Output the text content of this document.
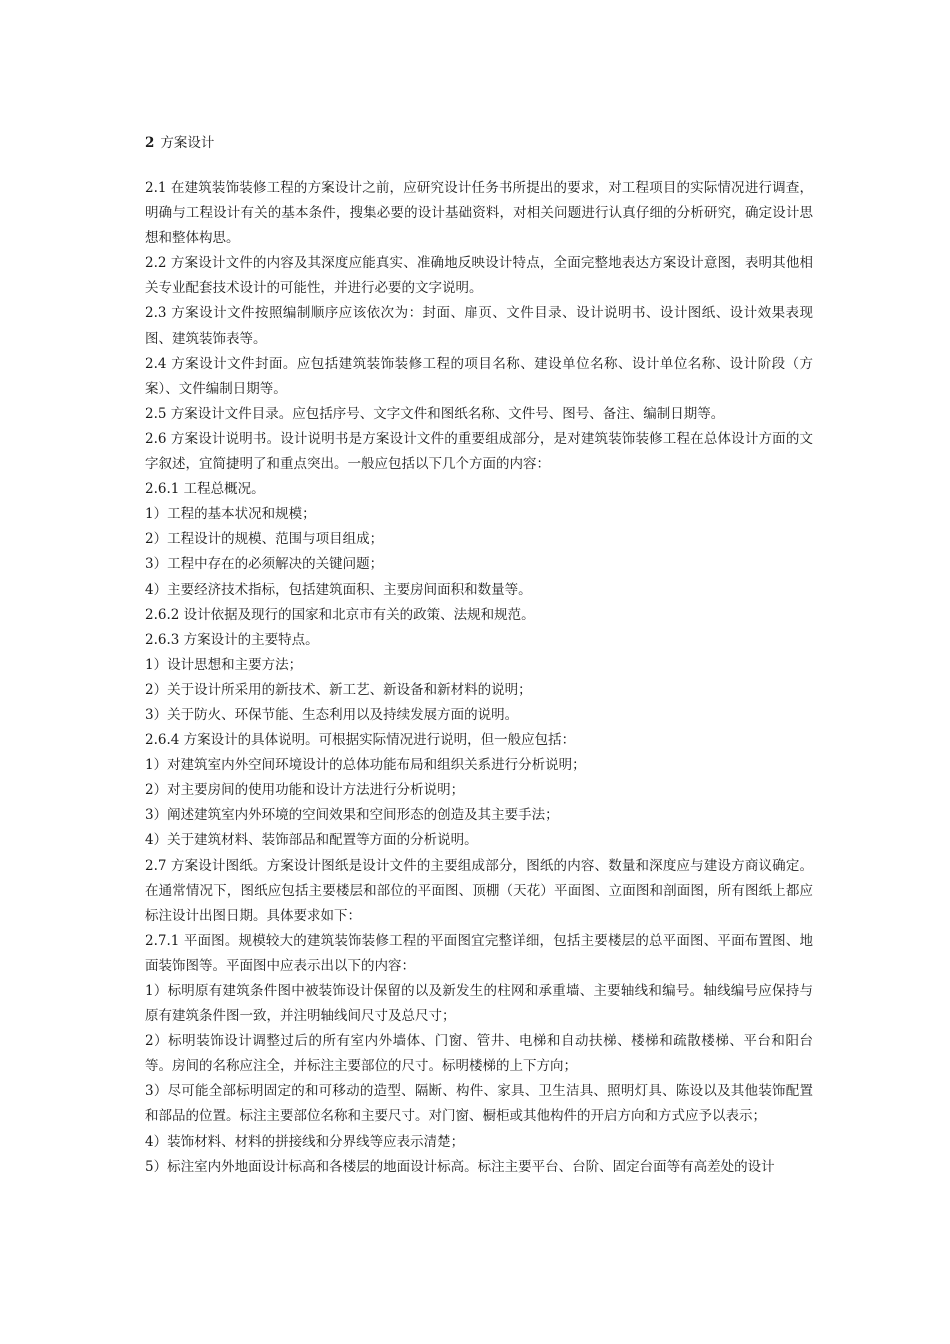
2 方案设计

2.1 在建筑装饰装修工程的方案设计之前，应研究设计任务书所提出的要求，对工程项目的实际情况进行调查，明确与工程设计有关的基本条件，搜集必要的设计基础资料，对相关问题进行认真仔细的分析研究，确定设计思想和整体构思。

2.2 方案设计文件的内容及其深度应能真实、准确地反映设计特点，全面完整地表达方案设计意图，表明其他相关专业配套技术设计的可能性，并进行必要的文字说明。

2.3 方案设计文件按照编制顺序应该依次为：封面、扉页、文件目录、设计说明书、设计图纸、设计效果表现图、建筑装饰表等。

2.4 方案设计文件封面。应包括建筑装饰装修工程的项目名称、建设单位名称、设计单位名称、设计阶段（方案）、文件编制日期等。

2.5 方案设计文件目录。应包括序号、文字文件和图纸名称、文件号、图号、备注、编制日期等。

2.6 方案设计说明书。设计说明书是方案设计文件的重要组成部分，是对建筑装饰装修工程在总体设计方面的文字叙述，宜简捷明了和重点突出。一般应包括以下几个方面的内容：

2.6.1 工程总概况。

1）工程的基本状况和规模；

2）工程设计的规模、范围与项目组成；

3）工程中存在的必须解决的关键问题；

4）主要经济技术指标，包括建筑面积、主要房间面积和数量等。

2.6.2 设计依据及现行的国家和北京市有关的政策、法规和规范。

2.6.3 方案设计的主要特点。

1）设计思想和主要方法；

2）关于设计所采用的新技术、新工艺、新设备和新材料的说明；

3）关于防火、环保节能、生态利用以及持续发展方面的说明。

2.6.4 方案设计的具体说明。可根据实际情况进行说明，但一般应包括：

1）对建筑室内外空间环境设计的总体功能布局和组织关系进行分析说明；

2）对主要房间的使用功能和设计方法进行分析说明；

3）阐述建筑室内外环境的空间效果和空间形态的创造及其主要手法；

4）关于建筑材料、装饰部品和配置等方面的分析说明。

2.7 方案设计图纸。方案设计图纸是设计文件的主要组成部分，图纸的内容、数量和深度应与建设方商议确定。在通常情况下，图纸应包括主要楼层和部位的平面图、顶棚（天花）平面图、立面图和剖面图，所有图纸上都应标注设计出图日期。具体要求如下：

2.7.1 平面图。规模较大的建筑装饰装修工程的平面图宜完整详细，包括主要楼层的总平面图、平面布置图、地面装饰图等。平面图中应表示出以下的内容：

1）标明原有建筑条件图中被装饰设计保留的以及新发生的柱网和承重墙、主要轴线和编号。轴线编号应保持与原有建筑条件图一致，并注明轴线间尺寸及总尺寸；

2）标明装饰设计调整过后的所有室内外墙体、门窗、管井、电梯和自动扶梯、楼梯和疏散楼梯、平台和阳台等。房间的名称应注全，并标注主要部位的尺寸。标明楼梯的上下方向；

3）尽可能全部标明固定的和可移动的造型、隔断、构件、家具、卫生洁具、照明灯具、陈设以及其他装饰配置和部品的位置。标注主要部位名称和主要尺寸。对门窗、橱柜或其他构件的开启方向和方式应予以表示；

4）装饰材料、材料的拼接线和分界线等应表示清楚；

5）标注室内外地面设计标高和各楼层的地面设计标高。标注主要平台、台阶、固定台面等有高差处的设计
